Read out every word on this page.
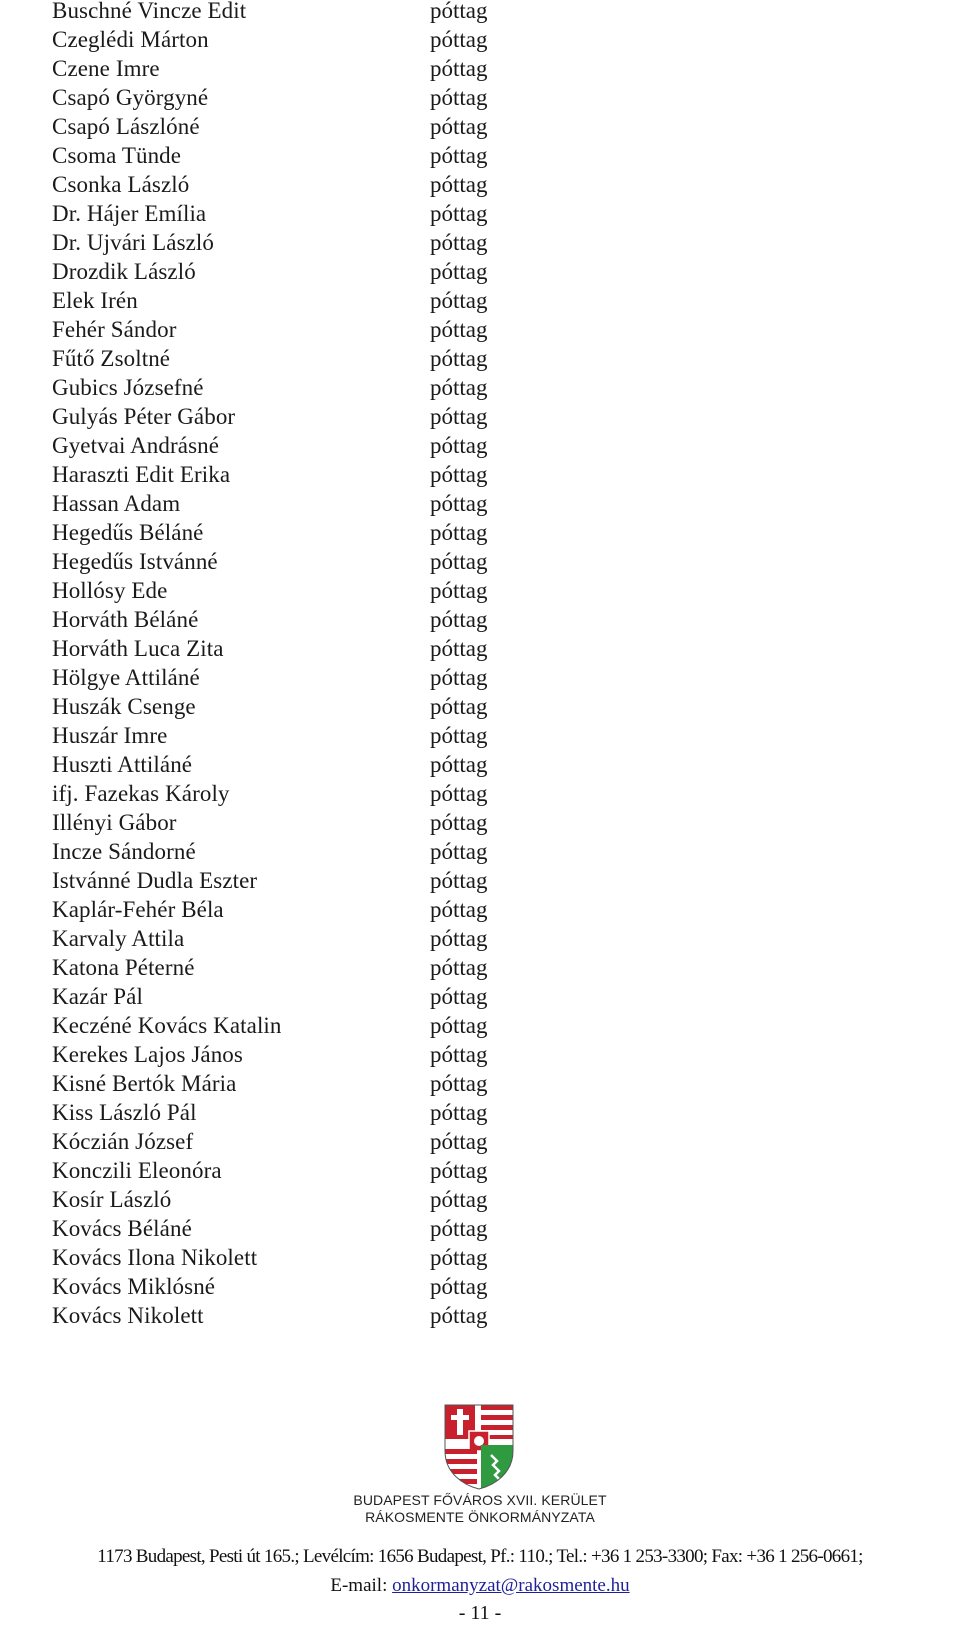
Buschné Vincze Edit	póttag
Czeglédi Márton	póttag
Czene Imre	póttag
Csapó Györgyné	póttag
Csapó Lászlóné	póttag
Csoma Tünde	póttag
Csonka László	póttag
Dr. Hájer Emília	póttag
Dr. Ujvári László	póttag
Drozdik László	póttag
Elek Irén	póttag
Fehér Sándor	póttag
Fűtő Zsoltné	póttag
Gubics Józsefné	póttag
Gulyás Péter Gábor	póttag
Gyetvai Andrásné	póttag
Haraszti Edit Erika	póttag
Hassan Adam	póttag
Hegedűs Béláné	póttag
Hegedűs Istvánné	póttag
Hollósy Ede	póttag
Horváth Béláné	póttag
Horváth Luca Zita	póttag
Hölgye Attiláné	póttag
Huszák Csenge	póttag
Huszár Imre	póttag
Huszti Attiláné	póttag
ifj. Fazekas Károly	póttag
Illényi Gábor	póttag
Incze Sándorné	póttag
Istvánné Dudla Eszter	póttag
Kaplár-Fehér Béla	póttag
Karvaly Attila	póttag
Katona Péterné	póttag
Kazár Pál	póttag
Keczéné Kovács Katalin	póttag
Kerekes Lajos János	póttag
Kisné Bertók Mária	póttag
Kiss László Pál	póttag
Kóczián József	póttag
Konczili Eleonóra	póttag
Kosír László	póttag
Kovács Béláné	póttag
Kovács Ilona Nikolett	póttag
Kovács Miklósné	póttag
Kovács Nikolett	póttag
BUDAPEST FŐVÁROS XVII. KERÜLET
RÁKOSMENTE ÖNKORMÁNYZATA
1173 Budapest, Pesti út 165.; Levélcím: 1656 Budapest, Pf.: 110.; Tel.: +36 1 253-3300; Fax: +36 1 256-0661;
E-mail: onkormanyzat@rakosmente.hu
- 11 -
